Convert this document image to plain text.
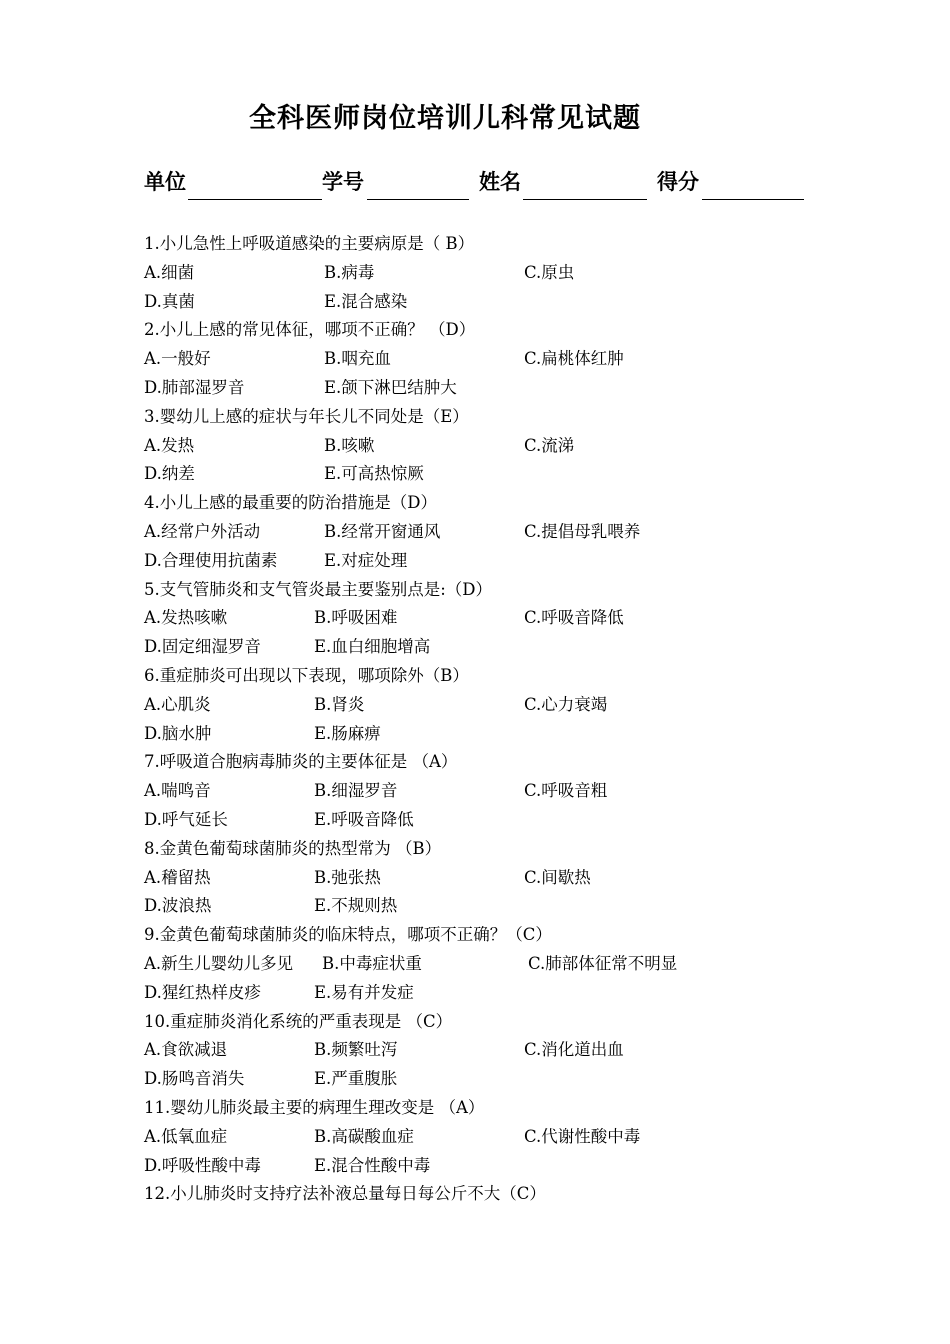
全科医师岗位培训儿科常见试题
单位	学号	姓名	得分
1.小儿急性上呼吸道感染的主要病原是（ B）
A.细菌	B.病毒	C.原虫
D.真菌	E.混合感染
2.小儿上感的常见体征，哪项不正确？ （D）
A.一般好	B.咽充血	C.扁桃体红肿
D.肺部湿罗音	E.颌下淋巴结肿大
3.婴幼儿上感的症状与年长儿不同处是（E）
A.发热	B.咳嗽	C.流涕
D.纳差	E.可高热惊厥
4.小儿上感的最重要的防治措施是（D）
A.经常户外活动	B.经常开窗通风	C.提倡母乳喂养
D.合理使用抗菌素	E.对症处理
5.支气管肺炎和支气管炎最主要鉴别点是:（D）
A.发热咳嗽	B.呼吸困难	C.呼吸音降低
D.固定细湿罗音	E.血白细胞增高
6.重症肺炎可出现以下表现，哪项除外（B）
A.心肌炎	B.肾炎	C.心力衰竭
D.脑水肿	E.肠麻痹
7.呼吸道合胞病毒肺炎的主要体征是 （A）
A.喘鸣音	B.细湿罗音	C.呼吸音粗
D.呼气延长	E.呼吸音降低
8.金黄色葡萄球菌肺炎的热型常为 （B）
A.稽留热	B.弛张热	C.间歇热
D.波浪热	E.不规则热
9.金黄色葡萄球菌肺炎的临床特点，哪项不正确？（C）
A.新生儿婴幼儿多见 B.中毒症状重	C.肺部体征常不明显
D.猩红热样皮疹	E.易有并发症
10.重症肺炎消化系统的严重表现是 （C）
A.食欲减退	B.频繁吐泻	C.消化道出血
D.肠鸣音消失	E.严重腹胀
11.婴幼儿肺炎最主要的病理生理改变是 （A）
A.低氧血症	B.高碳酸血症	C.代谢性酸中毒
D.呼吸性酸中毒	E.混合性酸中毒
12.小儿肺炎时支持疗法补液总量每日每公斤不大（C）
